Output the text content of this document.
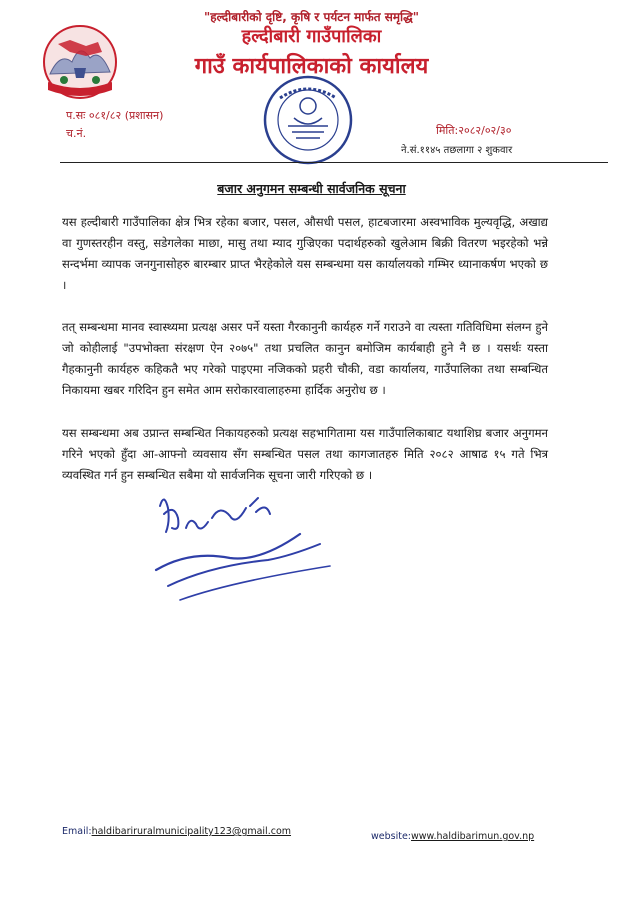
"हल्दीबारीको दृष्टि, कृषि र पर्यटन मार्फत समृद्धि"
हल्दीबारी गाउँपालिका
गाउँ कार्यपालिकाको कार्यालय
प.सः ०८१/८२ (प्रशासन)
च.नं.	मिति:२०८२/०२/३०
ने.सं.११४५ तछलागा २ शुकवार
बजार अनुगमन सम्बन्धी सार्वजनिक सूचना
यस हल्दीबारी गाउँपालिका क्षेत्र भित्र रहेका बजार, पसल, औसधी पसल, हाटबजारमा अस्वभाविक मुल्यवृद्धि, अखाद्य वा गुणस्तरहीन वस्तु, सडेगलेका माछा, मासु तथा म्याद गुज्रिएका पदार्थहरुको खुलेआम बिक्री वितरण भइरहेको भन्ने सन्दर्भमा व्यापक जनगुनासोहरु बारम्बार प्राप्त भैरहेकोले यस सम्बन्धमा यस कार्यालयको गम्भिर ध्यानाकर्षण भएको छ ।
तत् सम्बन्धमा मानव स्वास्थ्यमा प्रत्यक्ष असर पर्ने यस्ता गैरकानुनी कार्यहरु गर्ने गराउने वा त्यस्ता गतिविधिमा संलग्न हुने जो कोहीलाई "उपभोक्ता संरक्षण ऐन २०७५" तथा प्रचलित कानुन बमोजिम कार्यबाही हुने नै छ । यसर्थः यस्ता गैहकानुनी कार्यहरु कहिकतै भए गरेको पाइएमा नजिकको प्रहरी चौकी, वडा कार्यालय, गाउँपालिका तथा सम्बन्धित निकायमा खबर गरिदिन हुन समेत आम सरोकारवालाहरुमा हार्दिक अनुरोध छ ।
यस सम्बन्धमा अब उप्रान्त सम्बन्धित निकायहरुको प्रत्यक्ष सहभागितामा यस गाउँपालिकाबाट यथाशिघ्र बजार अनुगमन गरिने भएको हुँदा आ-आफ्नो व्यवसाय सँग सम्बन्धित पसल तथा कागजातहरु मिति २०८२ आषाढ १५ गते भित्र व्यवस्थित गर्न हुन सम्बन्धित सबैमा यो सार्वजनिक सूचना जारी गरिएको छ ।
Email:haldibariruralmunicipality123@gmail.com	website:www.haldibarimun.gov.np
